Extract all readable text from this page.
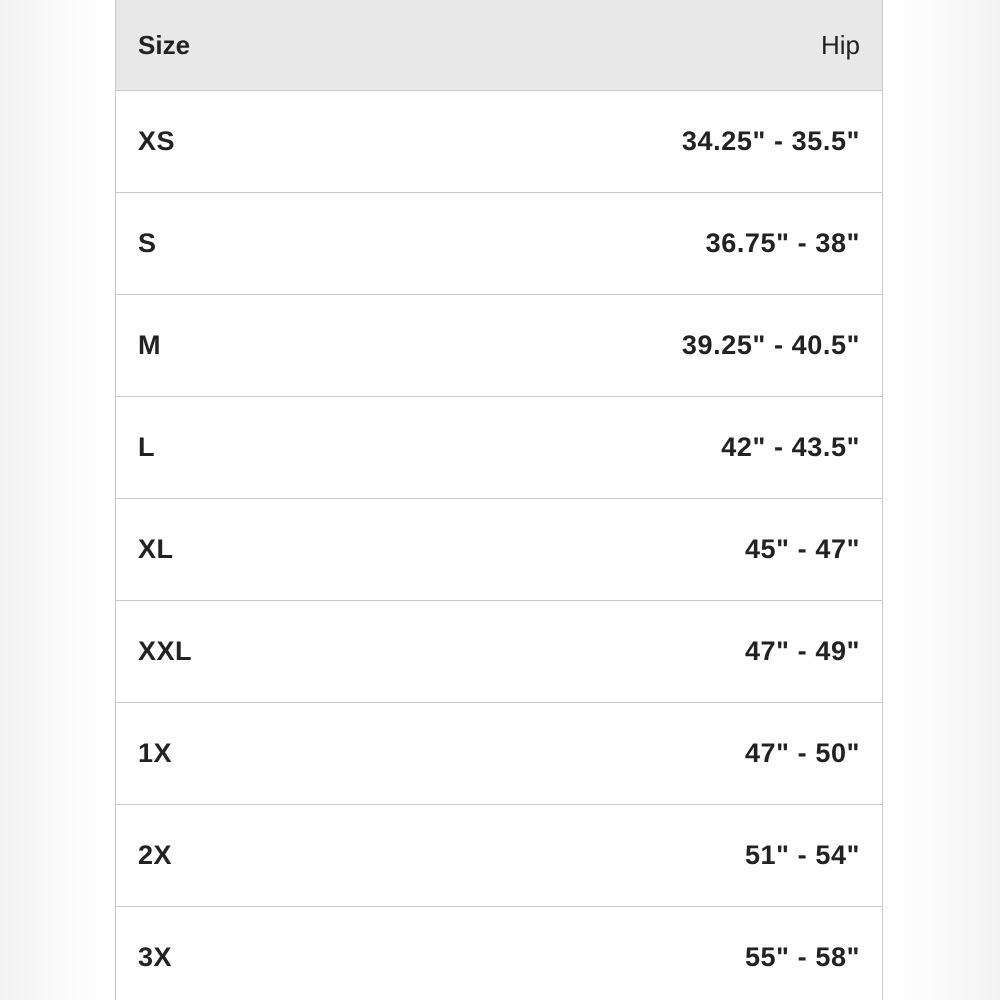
Size	Hip
XS	34.25" - 35.5"
S	36.75" - 38"
M	39.25" - 40.5"
L	42" - 43.5"
XL	45" - 47"
XXL	47" - 49"
1X	47" - 50"
2X	51" - 54"
3X	55" - 58"
